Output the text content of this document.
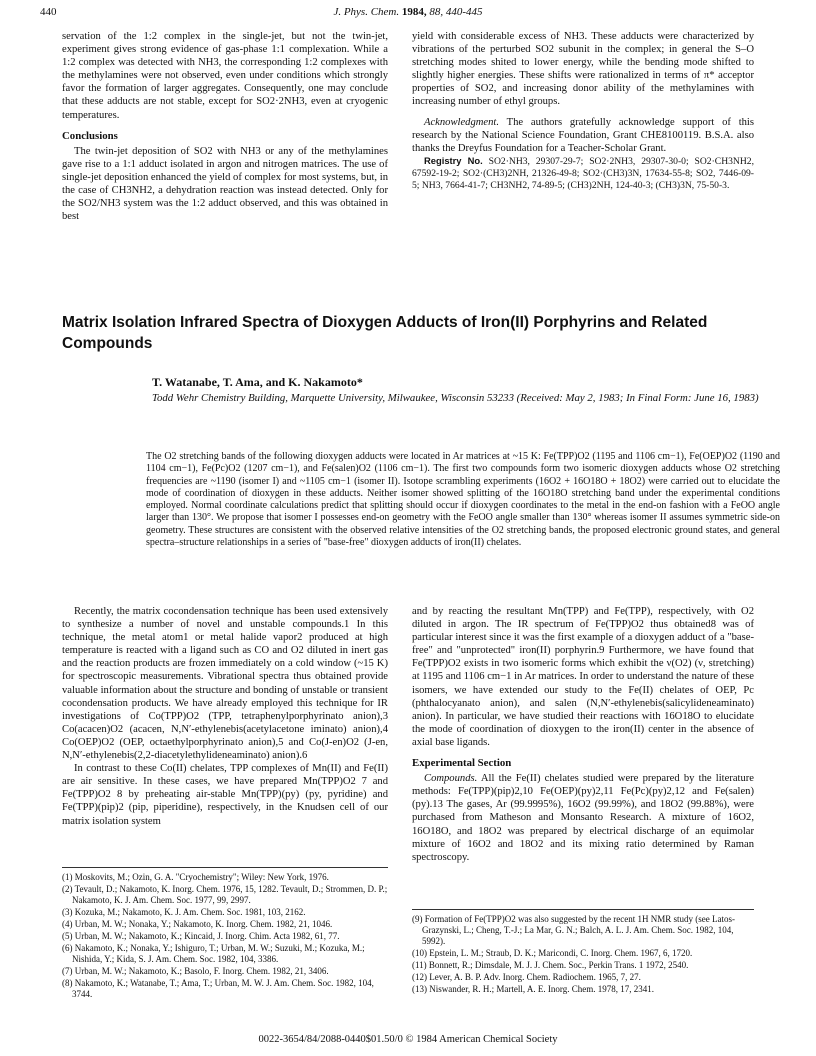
440	J. Phys. Chem. 1984, 88, 440-445

servation of the 1:2 complex in the single-jet, but not the twin-jet, experiment gives strong evidence of gas-phase 1:1 complexation. While a 1:2 complex was detected with NH3, the corresponding 1:2 complexes with the methylamines were not observed, even under conditions which strongly favor the formation of larger aggregates. Consequently, one may conclude that these adducts are not stable, except for SO2·2NH3, even at cryogenic temperatures.

Conclusions

The twin-jet deposition of SO2 with NH3 or any of the methylamines gave rise to a 1:1 adduct isolated in argon and nitrogen matrices. The use of single-jet deposition enhanced the yield of complex for most systems, but, in the case of CH3NH2, a dehydration reaction was instead detected. Only for the SO2/NH3 system was the 1:2 adduct observed, and this was obtained in best

yield with considerable excess of NH3. These adducts were characterized by vibrations of the perturbed SO2 subunit in the complex; in general the S–O stretching modes shited to lower energy, while the bending mode shifted to slightly higher energies. These shifts were rationalized in terms of π* acceptor properties of SO2, and increasing donor ability of the methylamines with increasing number of ethyl groups.

Acknowledgment. The authors gratefully acknowledge support of this research by the National Science Foundation, Grant CHE8100119. B.S.A. also thanks the Dreyfus Foundation for a Teacher-Scholar Grant.

Registry No. SO2·NH3, 29307-29-7; SO2·2NH3, 29307-30-0; SO2·CH3NH2, 67592-19-2; SO2·(CH3)2NH, 21326-49-8; SO2·(CH3)3N, 17634-55-8; SO2, 7446-09-5; NH3, 7664-41-7; CH3NH2, 74-89-5; (CH3)2NH, 124-40-3; (CH3)3N, 75-50-3.

Matrix Isolation Infrared Spectra of Dioxygen Adducts of Iron(II) Porphyrins and Related Compounds
T. Watanabe, T. Ama, and K. Nakamoto*
Todd Wehr Chemistry Building, Marquette University, Milwaukee, Wisconsin 53233 (Received: May 2, 1983; In Final Form: June 16, 1983)
The O2 stretching bands of the following dioxygen adducts were located in Ar matrices at ~15 K: Fe(TPP)O2 (1195 and 1106 cm−1), Fe(OEP)O2 (1190 and 1104 cm−1), Fe(Pc)O2 (1207 cm−1), and Fe(salen)O2 (1106 cm−1). The first two compounds form two isomeric dioxygen adducts whose O2 stretching frequencies are ~1190 (isomer I) and ~1105 cm−1 (isomer II). Isotope scrambling experiments (16O2 + 16O18O + 18O2) were carried out to elucidate the mode of coordination of dioxygen in these adducts. Neither isomer showed splitting of the 16O18O stretching band under the experimental conditions employed. Normal coordinate calculations predict that splitting should occur if dioxygen coordinates to the metal in the end-on fashion with a FeOO angle larger than 130°. We propose that isomer I possesses end-on geometry with the FeOO angle smaller than 130° whereas isomer II assumes symmetric side-on geometry. These structures are consistent with the observed relative intensities of the O2 stretching bands, the proposed electronic ground states, and general spectra–structure relationships in a series of "base-free" dioxygen adducts of iron(II) chelates.

Recently, the matrix cocondensation technique has been used extensively to synthesize a number of novel and unstable compounds.1 In this technique, the metal atom1 or metal halide vapor2 produced at high temperature is reacted with a ligand such as CO and O2 diluted in inert gas and the reaction products are frozen immediately on a cold window (~15 K) for spectroscopic measurements. Vibrational spectra thus obtained provide valuable information about the structure and bonding of unstable or transient cocondensation products. We have already employed this technique for IR investigations of Co(TPP)O2 (TPP, tetraphenylporphyrinato anion),3 Co(acacen)O2 (acacen, N,N′-ethylenebis(acetylacetone iminato) anion),4 Co(OEP)O2 (OEP, octaethylporphyrinato anion),5 and Co(J-en)O2 (J-en, N,N′-ethylenebis(2,2-diacetylethylideneaminato) anion).6

In contrast to these Co(II) chelates, TPP complexes of Mn(II) and Fe(II) are air sensitive. In these cases, we have prepared Mn(TPP)O2 7 and Fe(TPP)O2 8 by preheating air-stable Mn(TPP)(py) (py, pyridine) and Fe(TPP)(pip)2 (pip, piperidine), respectively, in the Knudsen cell of our matrix isolation system

and by reacting the resultant Mn(TPP) and Fe(TPP), respectively, with O2 diluted in argon. The IR spectrum of Fe(TPP)O2 thus obtained8 was of particular interest since it was the first example of a dioxygen adduct of a "base-free" and "unprotected" iron(II) porphyrin.9 Furthermore, we have found that Fe(TPP)O2 exists in two isomeric forms which exhibit the ν(O2) (ν, stretching) at 1195 and 1106 cm−1 in Ar matrices. In order to understand the nature of these isomers, we have extended our study to the Fe(II) chelates of OEP, Pc (phthalocyanato anion), and salen (N,N′-ethylenebis(salicylideneaminato) anion). In particular, we have studied their reactions with 16O18O to elucidate the mode of coordination of dioxygen to the iron(II) center in the absence of axial base ligands.

Experimental Section

Compounds. All the Fe(II) chelates studied were prepared by the literature methods: Fe(TPP)(pip)2,10 Fe(OEP)(py)2,11 Fe(Pc)(py)2,12 and Fe(salen)(py).13 The gases, Ar (99.9995%), 16O2 (99.99%), and 18O2 (99.88%), were purchased from Matheson and Monsanto Research. A mixture of 16O2, 16O18O, and 18O2 was prepared by electrical discharge of an equimolar mixture of 16O2 and 18O2 and its mixing ratio determined by Raman spectroscopy.

(1) Moskovits, M.; Ozin, G. A. "Cryochemistry"; Wiley: New York, 1976.
(2) Tevault, D.; Nakamoto, K. Inorg. Chem. 1976, 15, 1282. Tevault, D.; Strommen, D. P.; Nakamoto, K. J. Am. Chem. Soc. 1977, 99, 2997.
(3) Kozuka, M.; Nakamoto, K. J. Am. Chem. Soc. 1981, 103, 2162.
(4) Urban, M. W.; Nonaka, Y.; Nakamoto, K. Inorg. Chem. 1982, 21, 1046.
(5) Urban, M. W.; Nakamoto, K.; Kincaid, J. Inorg. Chim. Acta 1982, 61, 77.
(6) Nakamoto, K.; Nonaka, Y.; Ishiguro, T.; Urban, M. W.; Suzuki, M.; Kozuka, M.; Nishida, Y.; Kida, S. J. Am. Chem. Soc. 1982, 104, 3386.
(7) Urban, M. W.; Nakamoto, K.; Basolo, F. Inorg. Chem. 1982, 21, 3406.
(8) Nakamoto, K.; Watanabe, T.; Ama, T.; Urban, M. W. J. Am. Chem. Soc. 1982, 104, 3744.
(9) Formation of Fe(TPP)O2 was also suggested by the recent 1H NMR study (see Latos-Grazynski, L.; Cheng, T.-J.; La Mar, G. N.; Balch, A. L. J. Am. Chem. Soc. 1982, 104, 5992).
(10) Epstein, L. M.; Straub, D. K.; Maricondi, C. Inorg. Chem. 1967, 6, 1720.
(11) Bonnett, R.; Dimsdale, M. J. J. Chem. Soc., Perkin Trans. 1 1972, 2540.
(12) Lever, A. B. P. Adv. Inorg. Chem. Radiochem. 1965, 7, 27.
(13) Niswander, R. H.; Martell, A. E. Inorg. Chem. 1978, 17, 2341.
0022-3654/84/2088-0440$01.50/0 © 1984 American Chemical Society
